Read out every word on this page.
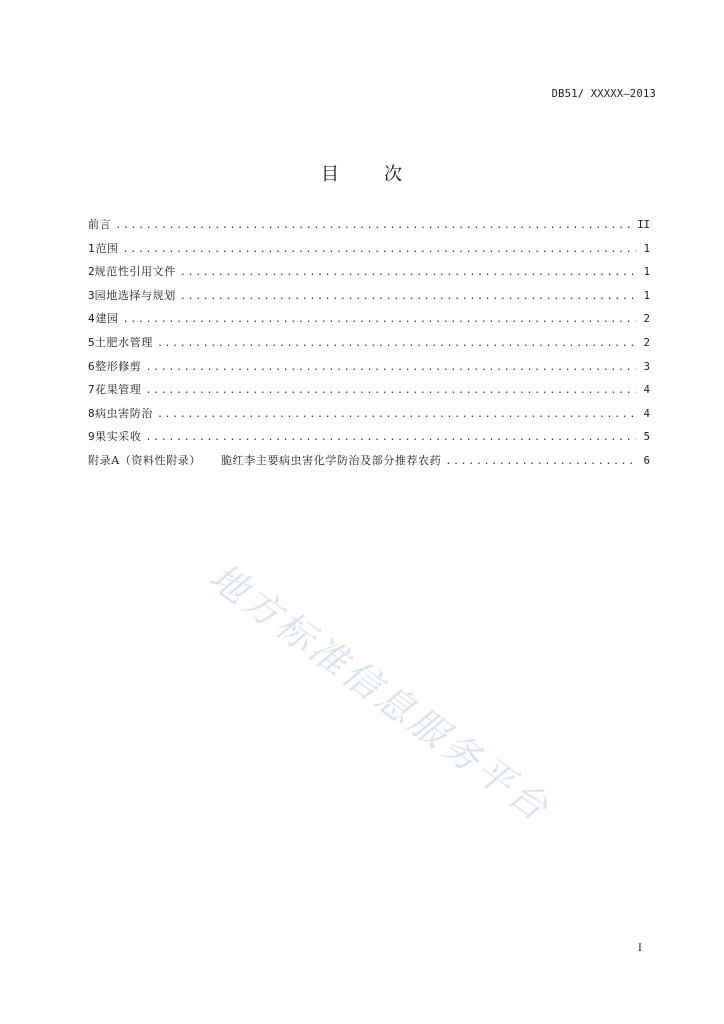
DB51/ XXXXX—2013
目 次
前言 .....	II
1 范围 .....	1
2 规范性引用文件 .....	1
3 园地选择与规划 .....	1
4 建园 .....	2
5 土肥水管理 .....	2
6 整形修剪 .....	3
7 花果管理 .....	4
8 病虫害防治 .....	4
9 果实采收 .....	5
附录A（资料性附录） 脆红李主要病虫害化学防治及部分推荐农药 .....	6
地方标准信息服务平台
I
